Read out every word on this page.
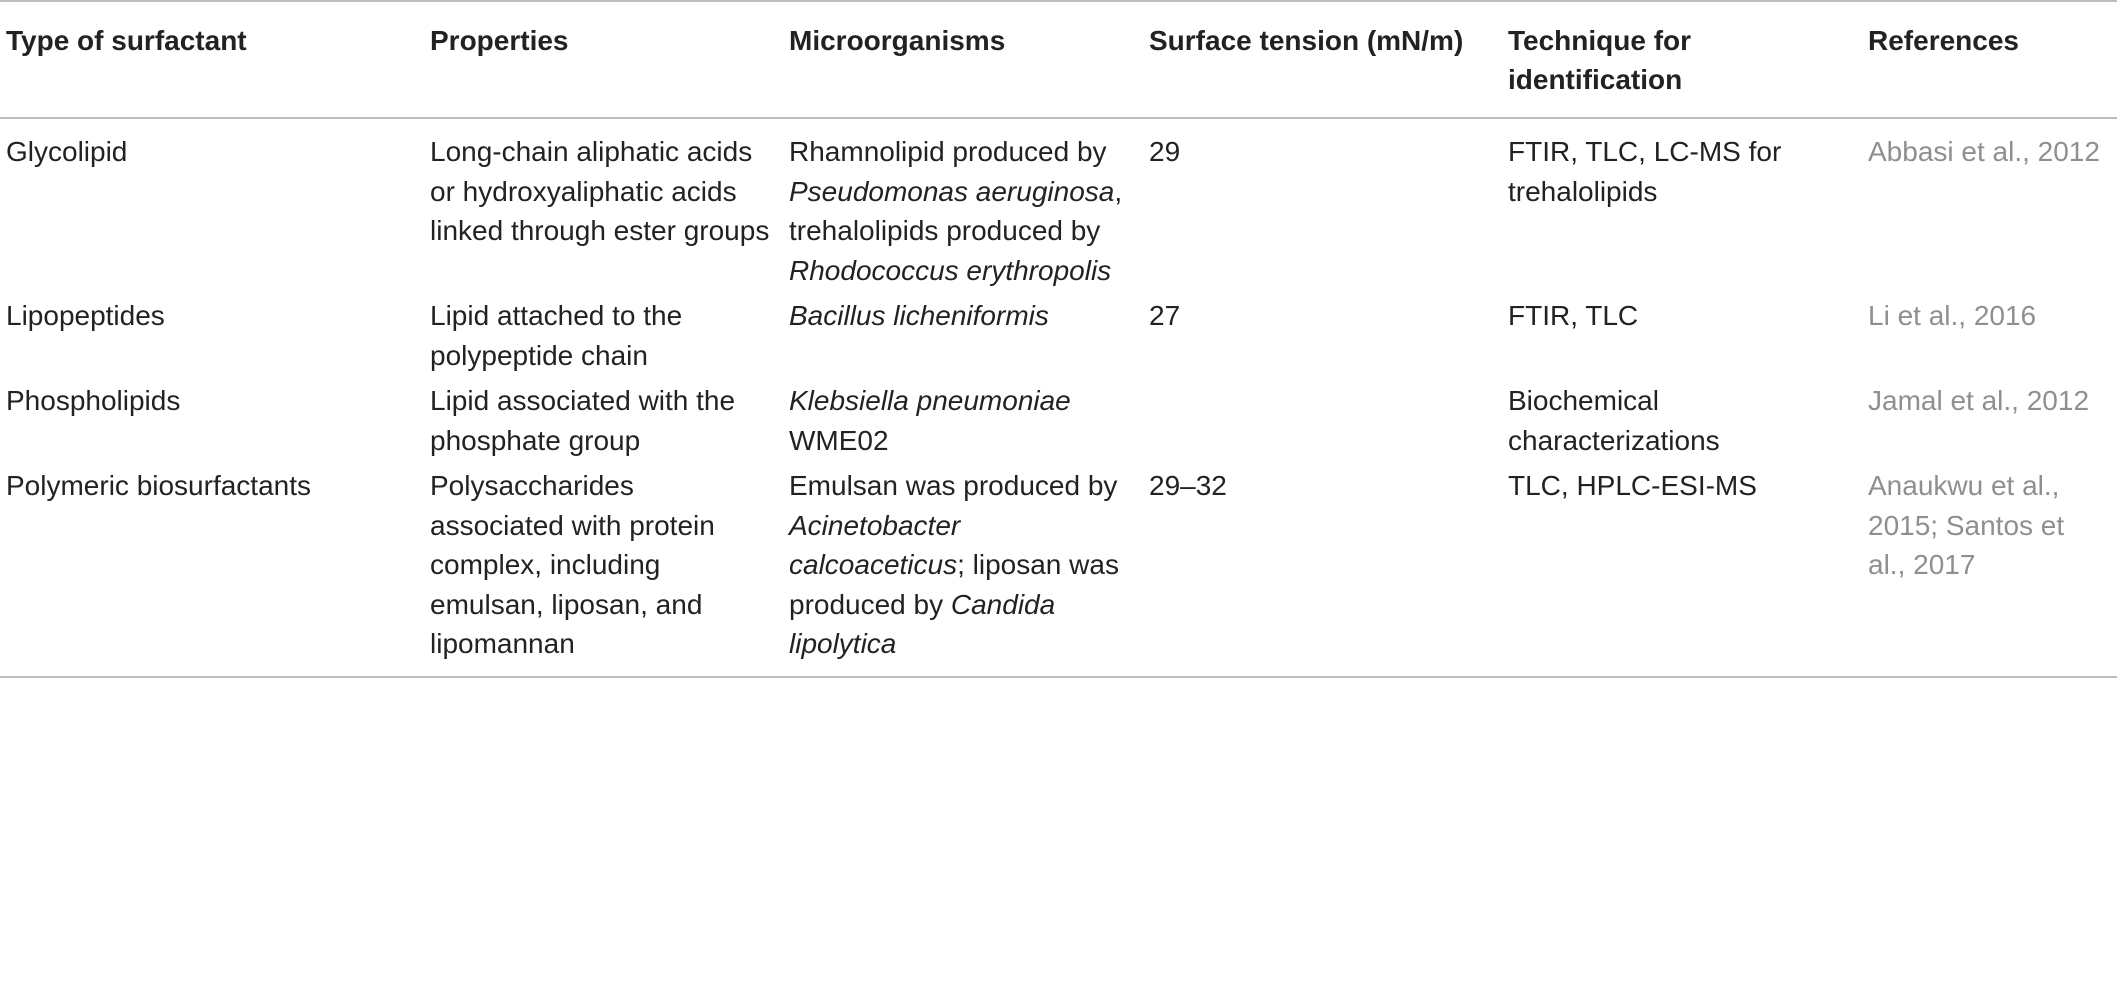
Type of surfactant	Properties	Microorganisms	Surface tension (mN/m)	Technique for identification	References
Glycolipid	Long-chain aliphatic acids or hydroxyaliphatic acids linked through ester groups	Rhamnolipid produced by Pseudomonas aeruginosa, trehalolipids produced by Rhodococcus erythropolis	29	FTIR, TLC, LC-MS for trehalolipids	Abbasi et al., 2012
Lipopeptides	Lipid attached to the polypeptide chain	Bacillus licheniformis	27	FTIR, TLC	Li et al., 2016
Phospholipids	Lipid associated with the phosphate group	Klebsiella pneumoniae WME02		Biochemical characterizations	Jamal et al., 2012
Polymeric biosurfactants	Polysaccharides associated with protein complex, including emulsan, liposan, and lipomannan	Emulsan was produced by Acinetobacter calcoaceticus; liposan was produced by Candida lipolytica	29–32	TLC, HPLC-ESI-MS	Anaukwu et al., 2015; Santos et al., 2017
